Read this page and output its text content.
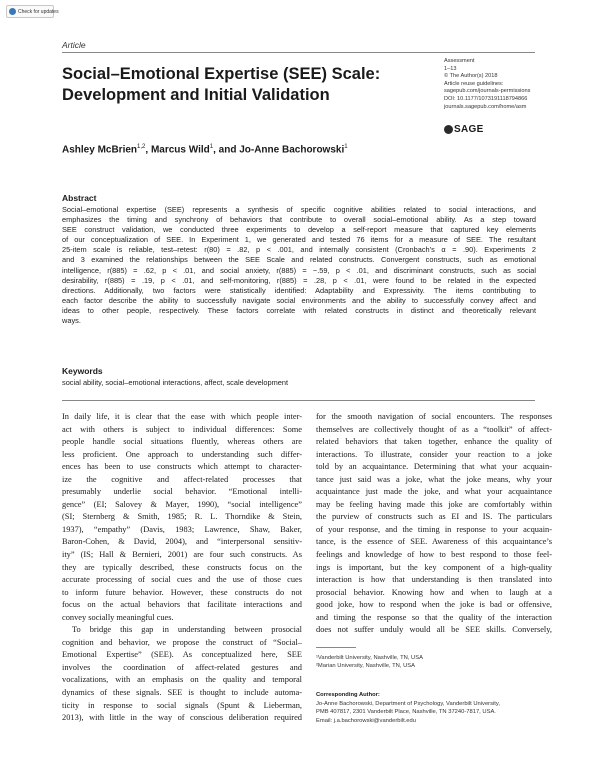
Check for updates
Article
Social–Emotional Expertise (SEE) Scale:
Development and Initial Validation
Assessment
1–13
© The Author(s) 2018
Article reuse guidelines:
sagepub.com/journals-permissions
DOI: 10.1177/1073191118794866
journals.sagepub.com/home/asm
SAGE
Ashley McBrien$^{1,2}$, Marcus Wild$^1$, and Jo-Anne Bachorowski$^1$
Abstract
Social–emotional expertise (SEE) represents a synthesis of specific cognitive abilities related to social interactions, and
emphasizes the timing and synchrony of behaviors that contribute to overall social–emotional ability. As a step toward
SEE construct validation, we conducted three experiments to develop a self-report measure that captured key elements
of our conceptualization of SEE. In Experiment 1, we generated and tested 76 items for a measure of SEE. The resultant
25-item scale is reliable, test–retest: r(80) = .82, p < .001, and internally consistent (Cronbach’s α = .90). Experiments 2
and 3 examined the relationships between the SEE Scale and related constructs. Convergent constructs, such as emotional
intelligence, r(885) = .62, p < .01, and social anxiety, r(885) = −.59, p < .01, and discriminant constructs, such as social
desirability, r(885) = .19, p < .01, and self-monitoring, r(885) = .28, p < .01, were found to be related in the expected
directions. Additionally, two factors were statistically identified: Adaptability and Expressivity. The items contributing to
each factor describe the ability to successfully navigate social environments and the ability to successfully convey affect and
ideas to other people, respectively. These factors correlate with related constructs in distinct and theoretically relevant
ways.
Keywords
social ability, social–emotional interactions, affect, scale development
In daily life, it is clear that the ease with which people inter-
act with others is subject to individual differences: Some
people handle social situations fluently, whereas others are
less proficient. One approach to understanding such differ-
ences has been to use constructs which attempt to character-
ize the cognitive and affect-related processes that
presumably underlie social behavior. “Emotional intelli-
gence” (EI; Salovey & Mayer, 1990), “social intelligence”
(SI; Sternberg & Smith, 1985; R. L. Thorndike & Stein,
1937), “empathy” (Davis, 1983; Lawrence, Shaw, Baker,
Baron-Cohen, & David, 2004), and “interpersonal sensitiv-
ity” (IS; Hall & Bernieri, 2001) are four such constructs. As
they are typically described, these constructs focus on the
accurate processing of social cues and the use of those cues
to inform future behavior. However, these constructs do not
focus on the actual behaviors that facilitate interactions and
convey socially meaningful cues.
To bridge this gap in understanding between prosocial
cognition and behavior, we propose the construct of “Social–
Emotional Expertise” (SEE). As conceptualized here, SEE
involves the coordination of affect-related gestures and
vocalizations, with an emphasis on the quality and temporal
dynamics of these signals. SEE is thought to include automa-
ticity in response to social signals (Spunt & Lieberman,
2013), with little in the way of conscious deliberation required
for the smooth navigation of social encounters. The responses
themselves are collectively thought of as a “toolkit” of affect-
related behaviors that taken together, enhance the quality of
interactions. To illustrate, consider your reaction to a joke
told by an acquaintance. Determining that what your acquain-
tance just said was a joke, what the joke means, why your
acquaintance just made the joke, and what your acquaintance
may be feeling having made this joke are comfortably within
the purview of constructs such as EI and IS. The particulars
of your response, and the timing in response to your acquain-
tance, is the essence of SEE. Awareness of this acquaintance’s
feelings and knowledge of how to best respond to those feel-
ings is important, but the key component of a high-quality
interaction is how that understanding is then translated into
prosocial behavior. Knowing how and when to laugh at a
good joke, how to respond when the joke is bad or offensive,
and timing the response so that the quality of the interaction
does not suffer unduly would all be SEE skills. Conversely,
¹Vanderbilt University, Nashville, TN, USA
²Marian University, Nashville, TN, USA
Corresponding Author:
Jo-Anne Bachorowski, Department of Psychology, Vanderbilt University,
PMB 407817, 2301 Vanderbilt Place, Nashville, TN 37240-7817, USA.
Email: j.a.bachorowski@vanderbilt.edu
